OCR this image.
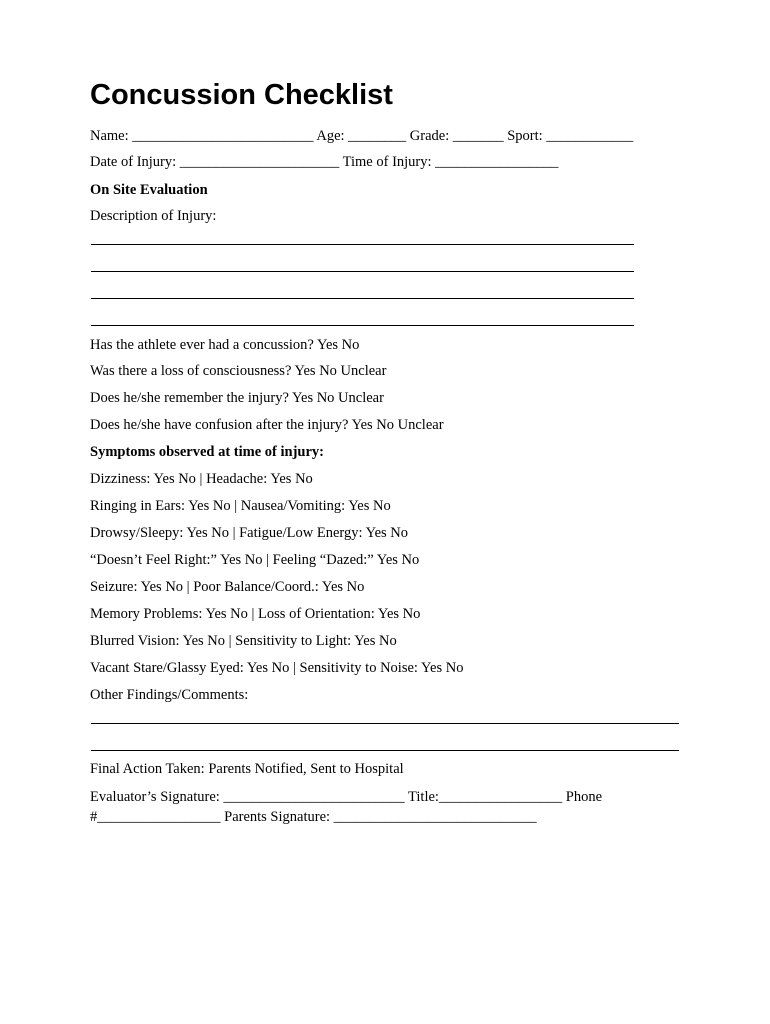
Concussion Checklist
Name: _________________________ Age: ________ Grade: _______ Sport: ____________
Date of Injury: ______________________ Time of Injury: _________________
On Site Evaluation
Description of Injury:
Has the athlete ever had a concussion? Yes No
Was there a loss of consciousness? Yes No Unclear
Does he/she remember the injury? Yes No Unclear
Does he/she have confusion after the injury? Yes No Unclear
Symptoms observed at time of injury:
Dizziness: Yes No | Headache: Yes No
Ringing in Ears: Yes No | Nausea/Vomiting: Yes No
Drowsy/Sleepy: Yes No | Fatigue/Low Energy: Yes No
“Doesn’t Feel Right:” Yes No | Feeling “Dazed:” Yes No
Seizure: Yes No | Poor Balance/Coord.: Yes No
Memory Problems: Yes No | Loss of Orientation: Yes No
Blurred Vision: Yes No | Sensitivity to Light: Yes No
Vacant Stare/Glassy Eyed: Yes No | Sensitivity to Noise: Yes No
Other Findings/Comments:
Final Action Taken: Parents Notified, Sent to Hospital
Evaluator’s Signature: _________________________ Title:_________________ Phone
#_________________ Parents Signature: ____________________________
